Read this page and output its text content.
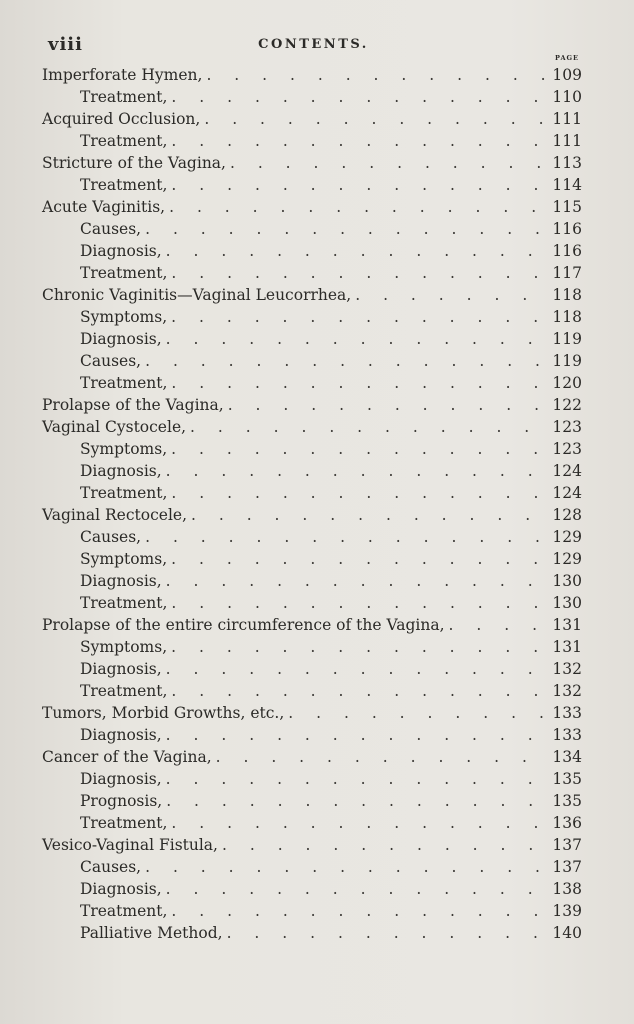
viii	CONTENTS.
PAGE
Imperforate Hymen, . . .	109
Treatment, . . .	110
Acquired Occlusion, . . .	111
Treatment, . . .	111
Stricture of the Vagina, . . .	113
Treatment, . . .	114
Acute Vaginitis, . . .	115
Causes, . . .	116
Diagnosis, . . .	116
Treatment, . . .	117
Chronic Vaginitis—Vaginal Leucorrhea, . . .	118
Symptoms, . . .	118
Diagnosis, . . .	119
Causes, . . .	119
Treatment, . . .	120
Prolapse of the Vagina, . . .	122
Vaginal Cystocele, . . .	123
Symptoms, . . .	123
Diagnosis, . . .	124
Treatment, . . .	124
Vaginal Rectocele, . . .	128
Causes, . . .	129
Symptoms, . . .	129
Diagnosis, . . .	130
Treatment, . . .	130
Prolapse of the entire circumference of the Vagina, . . .	131
Symptoms, . . .	131
Diagnosis, . . .	132
Treatment, . . .	132
Tumors, Morbid Growths, etc., . . .	133
Diagnosis, . . .	133
Cancer of the Vagina, . . .	134
Diagnosis, . . .	135
Prognosis, . . .	135
Treatment, . . .	136
Vesico-Vaginal Fistula, . . .	137
Causes, . . .	137
Diagnosis, . . .	138
Treatment, . . .	139
Palliative Method, . . .	140
